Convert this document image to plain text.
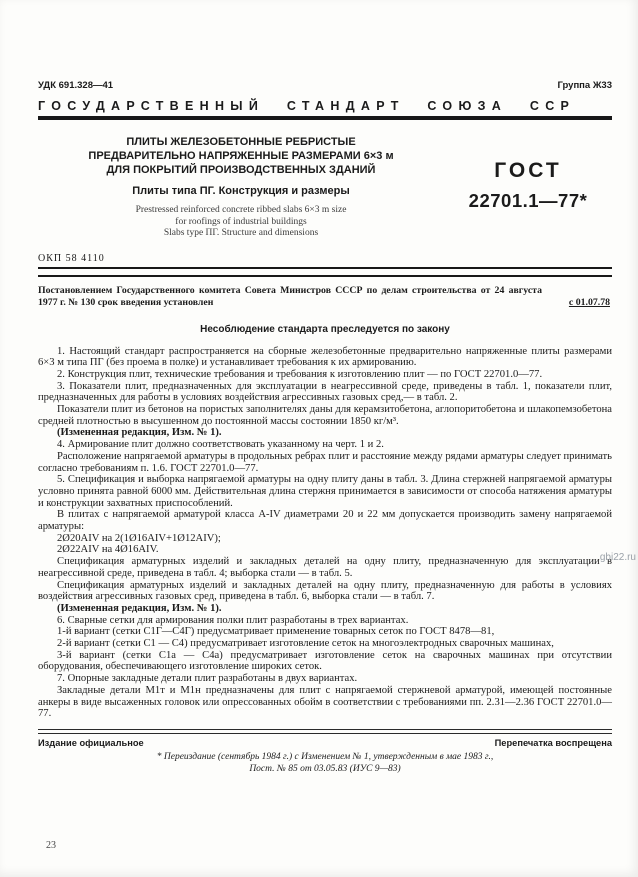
УДК 691.328—41	Группа Ж33
ГОСУДАРСТВЕННЫЙ СТАНДАРТ СОЮЗА ССР
ПЛИТЫ ЖЕЛЕЗОБЕТОННЫЕ РЕБРИСТЫЕ
ПРЕДВАРИТЕЛЬНО НАПРЯЖЕННЫЕ РАЗМЕРАМИ 6×3 м
ДЛЯ ПОКРЫТИЙ ПРОИЗВОДСТВЕННЫХ ЗДАНИЙ
Плиты типа ПГ. Конструкция и размеры
Prestressed reinforced concrete ribbed slabs 6×3 m size
for roofings of industrial buildings
Slabs type ПГ. Structure and dimensions
ГОСТ
22701.1—77*
ОКП 58 4110
Постановлением Государственного комитета Совета Министров СССР по делам строительства от 24 августа 1977 г. № 130 срок введения установлен	с 01.07.78
Несоблюдение стандарта преследуется по закону

1. Настоящий стандарт распространяется на сборные железобетонные предварительно напряженные плиты размерами 6×3 м типа ПГ (без проема в полке) и устанавливает требования к их армированию.

2. Конструкция плит, технические требования и требования к изготовлению плит — по ГОСТ 22701.0—77.

3. Показатели плит, предназначенных для эксплуатации в неагрессивной среде, приведены в табл. 1, показатели плит, предназначенных для работы в условиях воздействия агрессивных газовых сред,— в табл. 2.

Показатели плит из бетонов на пористых заполнителях даны для керамзитобетона, аглопоритобетона и шлакопемзобетона средней плотностью в высушенном до постоянной массы состоянии 1850 кг/м³.

(Измененная редакция, Изм. № 1).

4. Армирование плит должно соответствовать указанному на черт. 1 и 2.

Расположение напрягаемой арматуры в продольных ребрах плит и расстояние между рядами арматуры следует принимать согласно требованиям п. 1.6. ГОСТ 22701.0—77.

5. Спецификация и выборка напрягаемой арматуры на одну плиту даны в табл. 3. Длина стержней напрягаемой арматуры условно принята равной 6000 мм. Действительная длина стержня принимается в зависимости от способа натяжения арматуры и конструкции захватных приспособлений.

В плитах с напрягаемой арматурой класса А-IV диаметрами 20 и 22 мм допускается производить замену напрягаемой арматуры:

2Ø20АIV на 2(1Ø16АIV+1Ø12АIV);

2Ø22АIV на 4Ø16АIV.

Спецификация арматурных изделий и закладных деталей на одну плиту, предназначенную для эксплуатации в неагрессивной среде, приведена в табл. 4; выборка стали — в табл. 5.

Спецификация арматурных изделий и закладных деталей на одну плиту, предназначенную для работы в условиях воздействия агрессивных газовых сред, приведена в табл. 6, выборка стали — в табл. 7.

(Измененная редакция, Изм. № 1).

6. Сварные сетки для армирования полки плит разработаны в трех вариантах.

1-й вариант (сетки С1Г—С4Г) предусматривает применение товарных сеток по ГОСТ 8478—81,

2-й вариант (сетки С1 — С4) предусматривает изготовление сеток на многоэлектродных сварочных машинах,

3-й вариант (сетки С1а — С4а) предусматривает изготовление сеток на сварочных машинах при отсутствии оборудования, обеспечивающего изготовление широких сеток.

7. Опорные закладные детали плит разработаны в двух вариантах.

Закладные детали М1т и М1н предназначены для плит с напрягаемой стержневой арматурой, имеющей постоянные анкеры в виде высаженных головок или опрессованных обойм в соответствии с требованиями пп. 2.31—2.36 ГОСТ 22701.0—77.

Издание официальное	Перепечатка воспрещена
* Переиздание (сентябрь 1984 г.) с Изменением № 1, утвержденным в мае 1983 г.,
Пост. № 85 от 03.05.83 (ИУС 9—83)
23
gbi22.ru
